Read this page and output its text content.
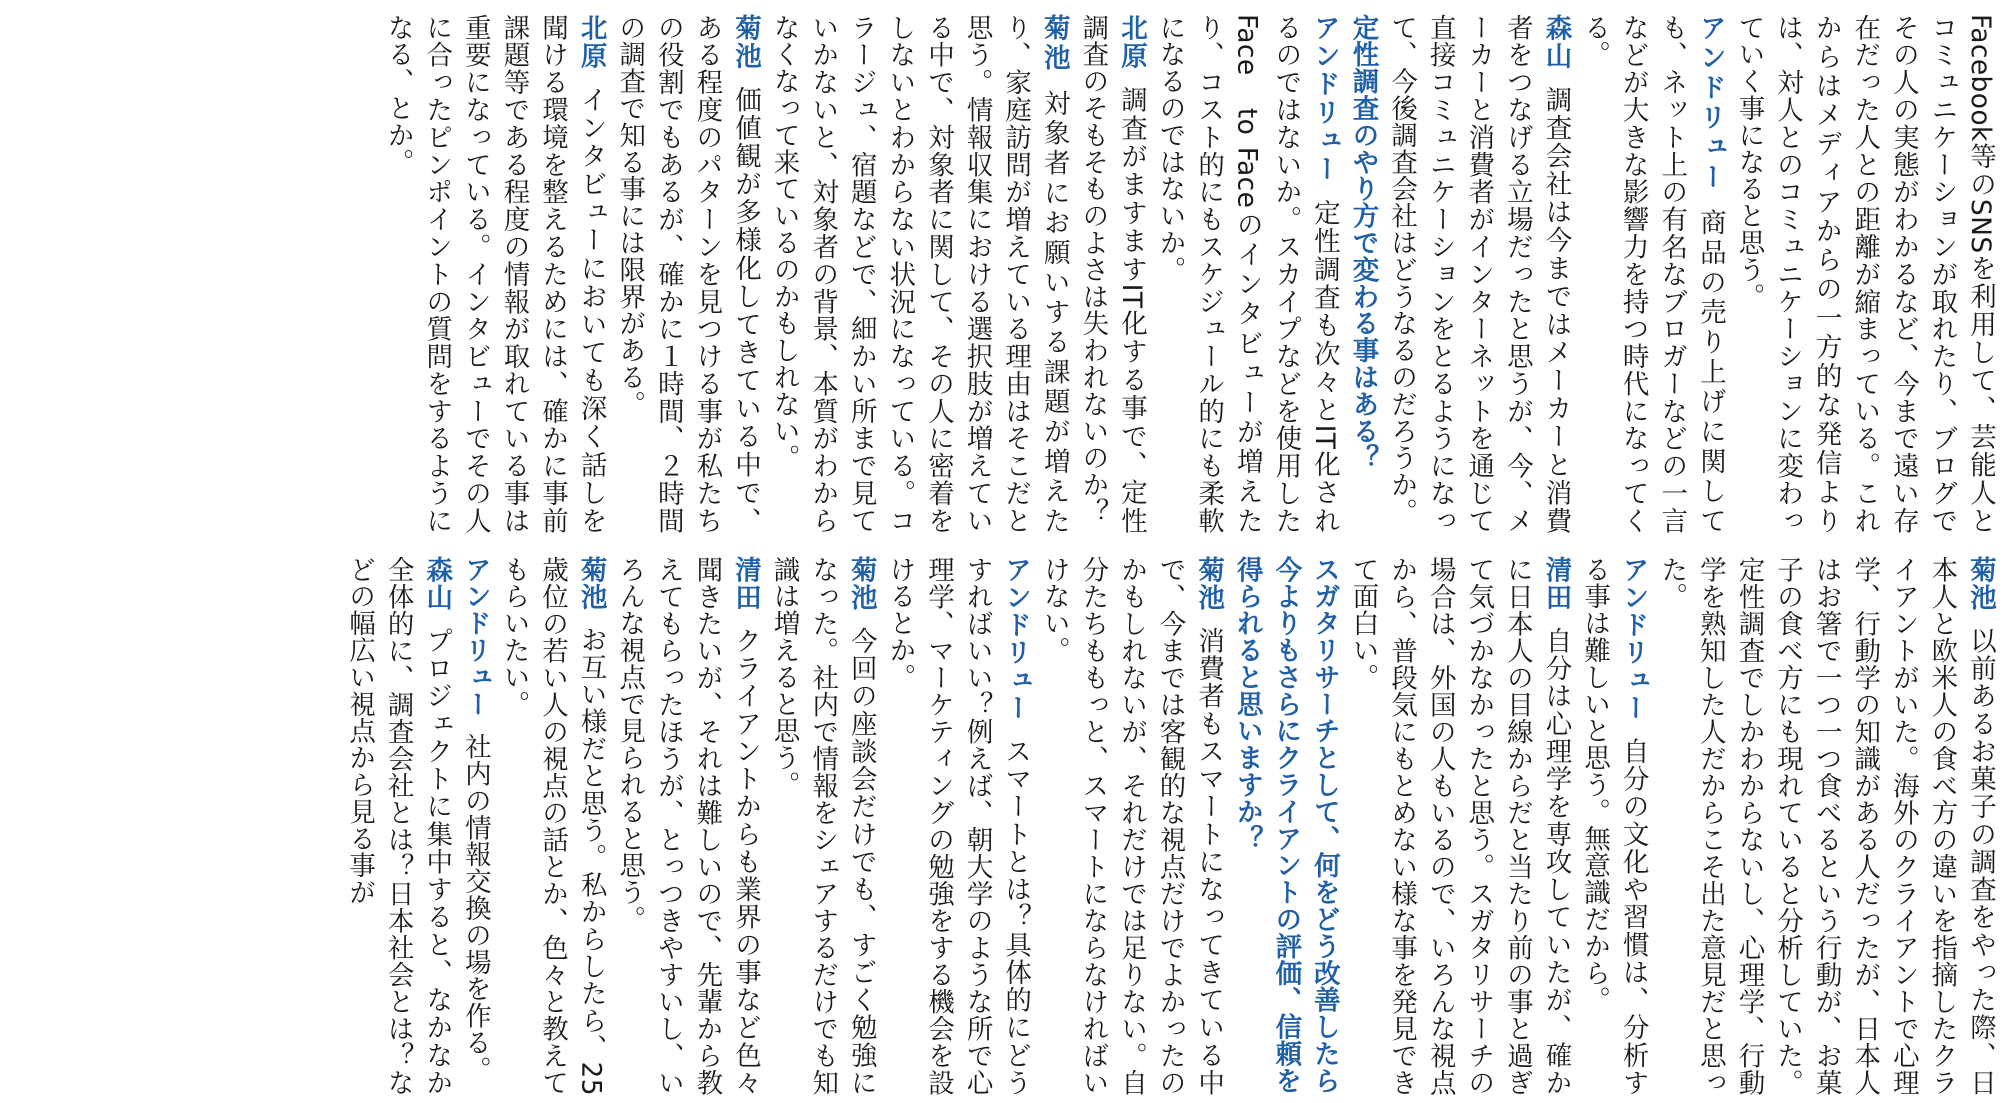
Facebook等のSNSを利用して、芸能人とコミュニケーションが取れたり、ブログでその人の実態がわかるなど、今まで遠い存在だった人との距離が縮まっている。これからはメディアからの一方的な発信よりは、対人とのコミュニケーションに変わっていく事になると思う。

アンドリュー商品の売り上げに関しても、ネット上の有名なブロガーなどの一言などが大きな影響力を持つ時代になってくる。

森山調査会社は今まではメーカーと消費者をつなげる立場だったと思うが、今、メーカーと消費者がインターネットを通じて直接コミュニケーションをとるようになって、今後調査会社はどうなるのだろうか。

定性調査のやり方で変わる事はある？

アンドリュー定性調査も次々とIT化されるのではないか。スカイプなどを使用したFace　to Faceのインタビューが増えたり、コスト的にもスケジュール的にも柔軟になるのではないか。

北原調査がますますIT化する事で、定性調査のそもそものよさは失われないのか？

菊池対象者にお願いする課題が増えたり、家庭訪問が増えている理由はそこだと思う。情報収集における選択肢が増えている中で、対象者に関して、その人に密着をしないとわからない状況になっている。コラージュ、宿題などで、細かい所まで見ていかないと、対象者の背景、本質がわからなくなって来ているのかもしれない。

菊池価値観が多様化してきている中で、ある程度のパターンを見つける事が私たちの役割でもあるが、確かに１時間、２時間の調査で知る事には限界がある。

北原インタビューにおいても深く話しを聞ける環境を整えるためには、確かに事前課題等である程度の情報が取れている事は重要になっている。インタビューでその人に合ったピンポイントの質問をするようになる、とか。

菊池以前あるお菓子の調査をやった際、日本人と欧米人の食べ方の違いを指摘したクライアントがいた。海外のクライアントで心理学、行動学の知識がある人だったが、日本人はお箸で一つ一つ食べるという行動が、お菓子の食べ方にも現れていると分析していた。定性調査でしかわからないし、心理学、行動学を熟知した人だからこそ出た意見だと思った。

アンドリュー自分の文化や習慣は、分析する事は難しいと思う。無意識だから。

清田自分は心理学を専攻していたが、確かに日本人の目線からだと当たり前の事と過ぎて気づかなかったと思う。スガタリサーチの場合は、外国の人もいるので、いろんな視点から、普段気にもとめない様な事を発見できて面白い。

スガタリサーチとして、何をどう改善したら今よりもさらにクライアントの評価、信頼を得られると思いますか？

菊池消費者もスマートになってきている中で、今までは客観的な視点だけでよかったのかもしれないが、それだけでは足りない。自分たちももっと、スマートにならなければいけない。

アンドリュースマートとは？具体的にどうすればいい？例えば、朝大学のような所で心理学、マーケティングの勉強をする機会を設けるとか。

菊池今回の座談会だけでも、すごく勉強になった。社内で情報をシェアするだけでも知識は増えると思う。

清田クライアントからも業界の事など色々聞きたいが、それは難しいので、先輩から教えてもらったほうが、とっつきやすいし、いろんな視点で見られると思う。

菊池お互い様だと思う。私からしたら、25歳位の若い人の視点の話とか、色々と教えてもらいたい。

アンドリュー社内の情報交換の場を作る。

森山プロジェクトに集中すると、なかなか全体的に、調査会社とは？日本社会とは？などの幅広い視点から見る事が
